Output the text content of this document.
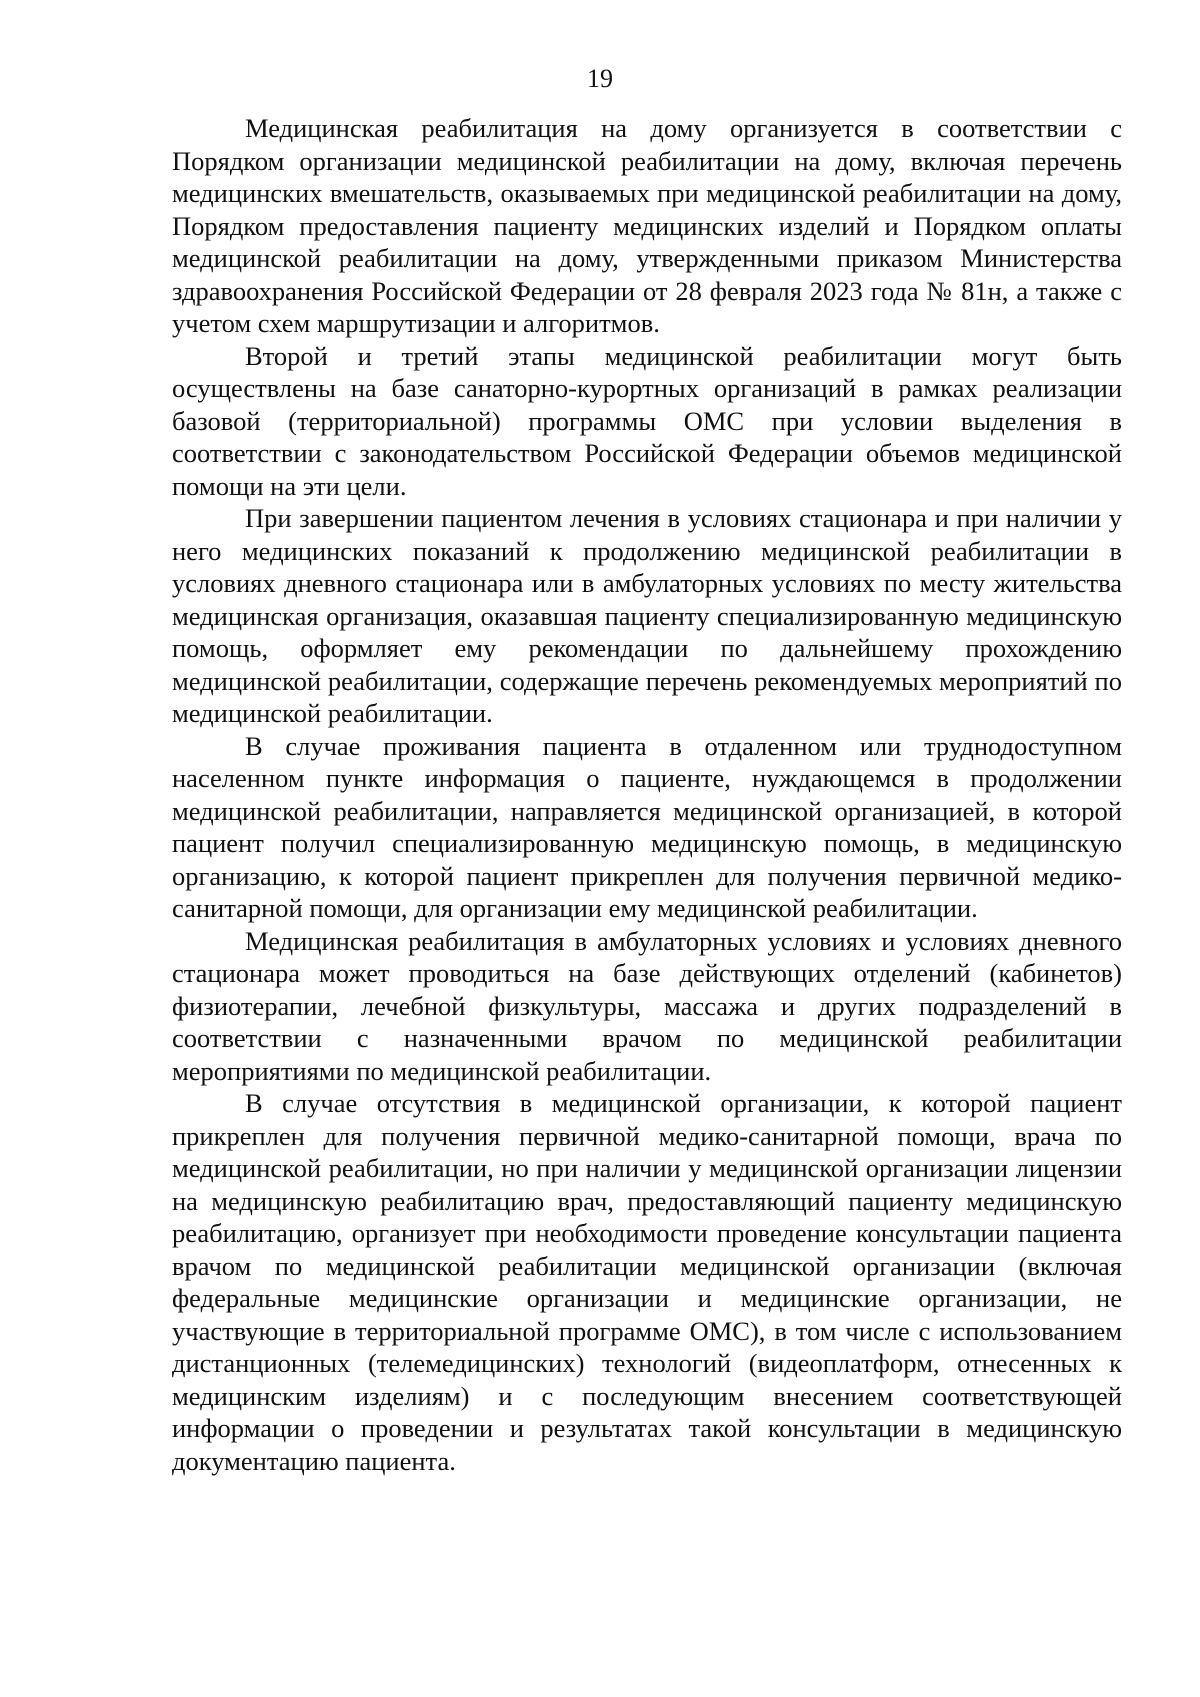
19

Медицинская реабилитация на дому организуется в соответствии с Порядком организации медицинской реабилитации на дому, включая перечень медицинских вмешательств, оказываемых при медицинской реабилитации на дому, Порядком предоставления пациенту медицинских изделий и Порядком оплаты медицинской реабилитации на дому, утвержденными приказом Министерства здравоохранения Российской Федерации от 28 февраля 2023 года № 81н, а также с учетом схем маршрутизации и алгоритмов.

Второй и третий этапы медицинской реабилитации могут быть осуществлены на базе санаторно-курортных организаций в рамках реализации базовой (территориальной) программы ОМС при условии выделения в соответствии с законодательством Российской Федерации объемов медицинской помощи на эти цели.

При завершении пациентом лечения в условиях стационара и при наличии у него медицинских показаний к продолжению медицинской реабилитации в условиях дневного стационара или в амбулаторных условиях по месту жительства медицинская организация, оказавшая пациенту специализированную медицинскую помощь, оформляет ему рекомендации по дальнейшему прохождению медицинской реабилитации, содержащие перечень рекомендуемых мероприятий по медицинской реабилитации.

В случае проживания пациента в отдаленном или труднодоступном населенном пункте информация о пациенте, нуждающемся в продолжении медицинской реабилитации, направляется медицинской организацией, в которой пациент получил специализированную медицинскую помощь, в медицинскую организацию, к которой пациент прикреплен для получения первичной медико-санитарной помощи, для организации ему медицинской реабилитации.

Медицинская реабилитация в амбулаторных условиях и условиях дневного стационара может проводиться на базе действующих отделений (кабинетов) физиотерапии, лечебной физкультуры, массажа и других подразделений в соответствии с назначенными врачом по медицинской реабилитации мероприятиями по медицинской реабилитации.

В случае отсутствия в медицинской организации, к которой пациент прикреплен для получения первичной медико-санитарной помощи, врача по медицинской реабилитации, но при наличии у медицинской организации лицензии на медицинскую реабилитацию врач, предоставляющий пациенту медицинскую реабилитацию, организует при необходимости проведение консультации пациента врачом по медицинской реабилитации медицинской организации (включая федеральные медицинские организации и медицинские организации, не участвующие в территориальной программе ОМС), в том числе с использованием дистанционных (телемедицинских) технологий (видеоплатформ, отнесенных к медицинским изделиям) и с последующим внесением соответствующей информации о проведении и результатах такой консультации в медицинскую документацию пациента.
